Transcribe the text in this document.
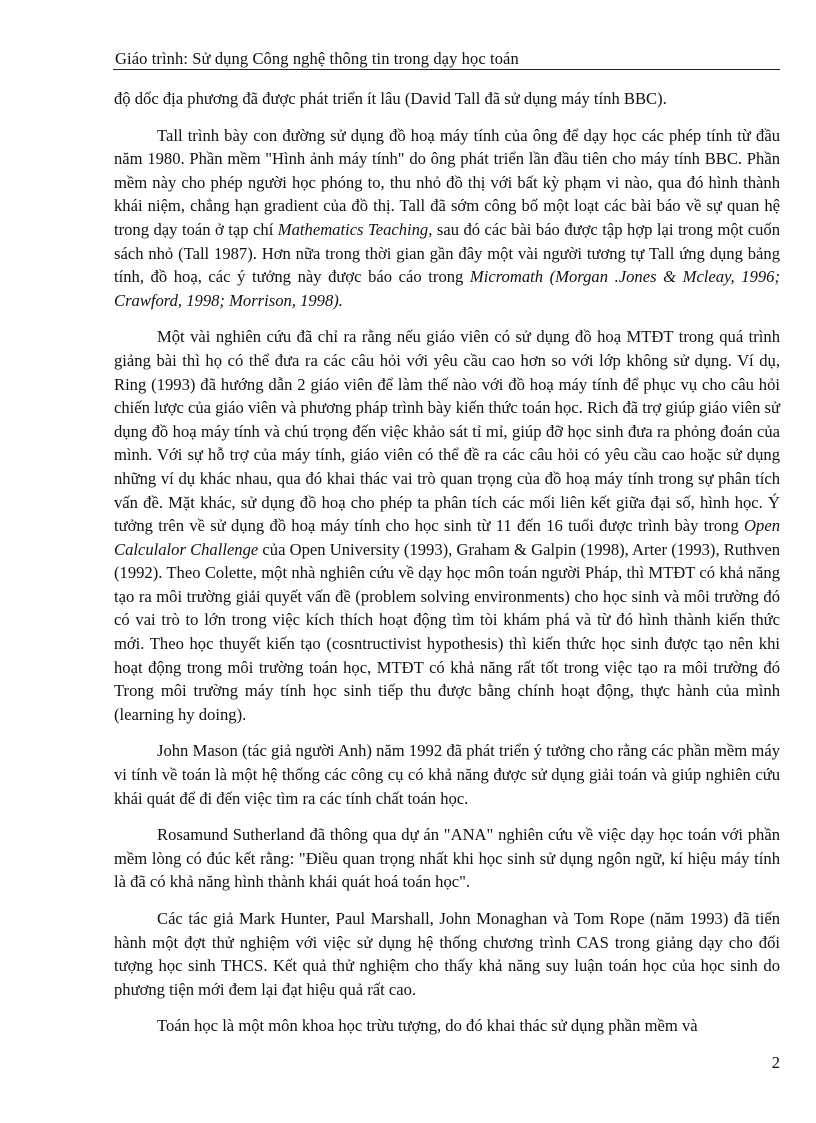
Giáo trình: Sử dụng Công nghệ thông tin trong dạy học toán

độ dốc địa phương đã được phát triển ít lâu (David Tall đã sử dụng máy tính BBC).

Tall trình bày con đường sử dụng đồ hoạ máy tính của ông để dạy học các phép tính từ đầu năm 1980. Phần mềm "Hình ảnh máy tính" do ông phát triển lần đầu tiên cho máy tính BBC. Phần mềm này cho phép người học phóng to, thu nhỏ đồ thị với bất kỳ phạm vi nào, qua đó hình thành khái niệm, chẳng hạn gradient của đồ thị. Tall đã sớm công bố một loạt các bài báo về sự quan hệ trong dạy toán ở tạp chí Mathematics Teaching, sau đó các bài báo được tập hợp lại trong một cuốn sách nhỏ (Tall 1987). Hơn nữa trong thời gian gần đây một vài người tương tự Tall ứng dụng bảng tính, đồ hoạ, các ý tưởng này được báo cáo trong Micromath (Morgan .Jones & Mcleay, 1996; Crawford, 1998; Morrison, 1998).

Một vài nghiên cứu đã chỉ ra rằng nếu giáo viên có sử dụng đồ hoạ MTĐT trong quá trình giảng bài thì họ có thể đưa ra các câu hỏi với yêu cầu cao hơn so với lớp không sử dụng. Ví dụ, Ring (1993) đã hướng dẫn 2 giáo viên để làm thế nào với đồ hoạ máy tính để phục vụ cho câu hỏi chiến lược của giáo viên và phương pháp trình bày kiến thức toán học. Rich đã trợ giúp giáo viên sử dụng đồ hoạ máy tính và chú trọng đến việc khảo sát tỉ mỉ, giúp đỡ học sinh đưa ra phỏng đoán của mình. Với sự hỗ trợ của máy tính, giáo viên có thể đề ra các câu hỏi có yêu cầu cao hoặc sử dụng những ví dụ khác nhau, qua đó khai thác vai trò quan trọng của đồ hoạ máy tính trong sự phân tích vấn đề. Mặt khác, sử dụng đồ hoạ cho phép ta phân tích các mối liên kết giữa đại số, hình học. Ý tưởng trên về sử dụng đồ hoạ máy tính cho học sinh từ 11 đến 16 tuổi được trình bày trong Open Calculalor Challenge của Open University (1993), Graham & Galpin (1998), Arter (1993), Ruthven (1992). Theo Colette, một nhà nghiên cứu về dạy học môn toán người Pháp, thì MTĐT có khả năng tạo ra môi trường giải quyết vấn đề (problem solving environments) cho học sinh và môi trường đó có vai trò to lớn trong việc kích thích hoạt động tìm tòi khám phá và từ đó hình thành kiến thức mới. Theo học thuyết kiến tạo (cosntructivist hypothesis) thì kiến thức học sinh được tạo nên khi hoạt động trong môi trường toán học, MTĐT có khả năng rất tốt trong việc tạo ra môi trường đó Trong môi trường máy tính học sinh tiếp thu được bằng chính hoạt động, thực hành của mình (learning hy doing).

John Mason (tác giả người Anh) năm 1992 đã phát triển ý tưởng cho rằng các phần mềm máy vi tính về toán là một hệ thống các công cụ có khả năng được sử dụng giải toán và giúp nghiên cứu khái quát để đi đến việc tìm ra các tính chất toán học.

Rosamund Sutherland đã thông qua dự án "ANA" nghiên cứu về việc dạy học toán với phần mềm lòng có đúc kết rằng: "Điều quan trọng nhất khi học sinh sử dụng ngôn ngữ, kí hiệu máy tính là đã có khả năng hình thành khái quát hoá toán học".

Các tác giả Mark Hunter, Paul Marshall, John Monaghan và Tom Rope (năm 1993) đã tiến hành một đợt thử nghiệm với việc sử dụng hệ thống chương trình CAS trong giảng dạy cho đối tượng học sinh THCS. Kết quả thử nghiệm cho thấy khả năng suy luận toán học của học sinh do phương tiện mới đem lại đạt hiệu quả rất cao.

Toán học là một môn khoa học trừu tượng, do đó khai thác sử dụng phần mềm và

2
